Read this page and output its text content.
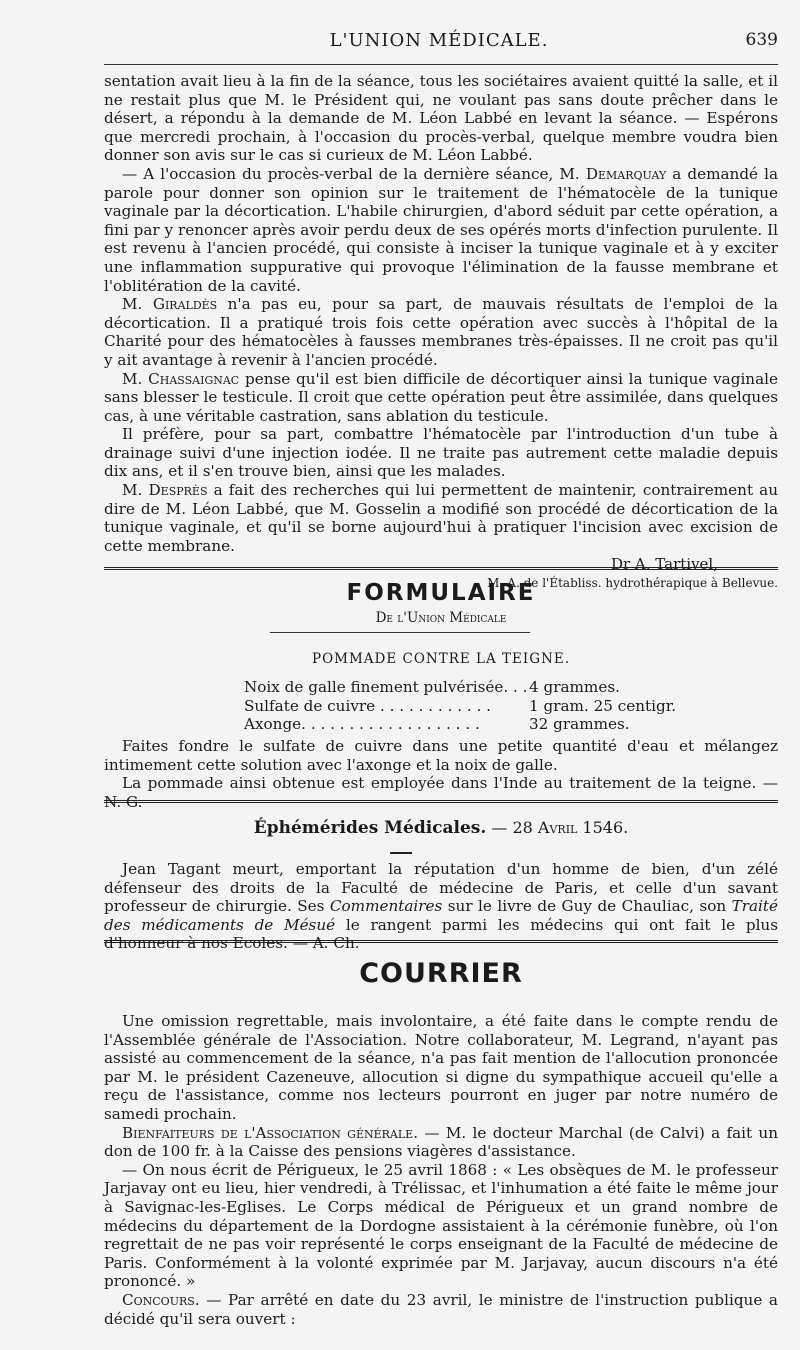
L'UNION MÉDICALE.	639

sentation avait lieu à la fin de la séance, tous les sociétaires avaient quitté la salle, et il ne restait plus que M. le Président qui, ne voulant pas sans doute prêcher dans le désert, a répondu à la demande de M. Léon Labbé en levant la séance. — Espérons que mercredi prochain, à l'occasion du procès-verbal, quelque membre voudra bien donner son avis sur le cas si curieux de M. Léon Labbé.

— A l'occasion du procès-verbal de la dernière séance, M. Demarquay a demandé la parole pour donner son opinion sur le traitement de l'hématocèle de la tunique vaginale par la décortication. L'habile chirurgien, d'abord séduit par cette opération, a fini par y renoncer après avoir perdu deux de ses opérés morts d'infection purulente. Il est revenu à l'ancien procédé, qui consiste à inciser la tunique vaginale et à y exciter une inflammation suppurative qui provoque l'élimination de la fausse membrane et l'oblitération de la cavité.

M. Giraldès n'a pas eu, pour sa part, de mauvais résultats de l'emploi de la décortication. Il a pratiqué trois fois cette opération avec succès à l'hôpital de la Charité pour des hématocèles à fausses membranes très-épaisses. Il ne croit pas qu'il y ait avantage à revenir à l'ancien procédé.

M. Chassaignac pense qu'il est bien difficile de décortiquer ainsi la tunique vaginale sans blesser le testicule. Il croit que cette opération peut être assimilée, dans quelques cas, à une véritable castration, sans ablation du testicule.

Il préfère, pour sa part, combattre l'hématocèle par l'introduction d'un tube à drainage suivi d'une injection iodée. Il ne traite pas autrement cette maladie depuis dix ans, et il s'en trouve bien, ainsi que les malades.

M. Desprès a fait des recherches qui lui permettent de maintenir, contrairement au dire de M. Léon Labbé, que M. Gosselin a modifié son procédé de décortication de la tunique vaginale, et qu'il se borne aujourd'hui à pratiquer l'incision avec excision de cette membrane.

Dr A. Tartivel,

M.-A. de l'Établiss. hydrothérapique à Bellevue.

FORMULAIRE
De l'Union Médicale
POMMADE CONTRE LA TEIGNE.
Noix de galle finement pulvérisée. . . 4 grammes.
Sulfate de cuivre . . . . . . . . . . . .	1 gram. 25 centigr.
Axonge. . . . . . . . . . . . . . . . . . .	32 grammes.

Faites fondre le sulfate de cuivre dans une petite quantité d'eau et mélangez intimement cette solution avec l'axonge et la noix de galle.

La pommade ainsi obtenue est employée dans l'Inde au traitement de la teigne. — N. G.

Éphémérides Médicales. — 28 Avril 1546.

Jean Tagant meurt, emportant la réputation d'un homme de bien, d'un zélé défenseur des droits de la Faculté de médecine de Paris, et celle d'un savant professeur de chirurgie. Ses Commentaires sur le livre de Guy de Chauliac, son Traité des médicaments de Mésué le rangent parmi les médecins qui ont fait le plus d'honneur à nos Ecoles. — A. Ch.

COURRIER

Une omission regrettable, mais involontaire, a été faite dans le compte rendu de l'Assemblée générale de l'Association. Notre collaborateur, M. Legrand, n'ayant pas assisté au commencement de la séance, n'a pas fait mention de l'allocution prononcée par M. le président Cazeneuve, allocution si digne du sympathique accueil qu'elle a reçu de l'assistance, comme nos lecteurs pourront en juger par notre numéro de samedi prochain.

Bienfaiteurs de l'Association générale. — M. le docteur Marchal (de Calvi) a fait un don de 100 fr. à la Caisse des pensions viagères d'assistance.

— On nous écrit de Périgueux, le 25 avril 1868 : « Les obsèques de M. le professeur Jarjavay ont eu lieu, hier vendredi, à Trélissac, et l'inhumation a été faite le même jour à Savignac-les-Eglises. Le Corps médical de Périgueux et un grand nombre de médecins du département de la Dordogne assistaient à la cérémonie funèbre, où l'on regrettait de ne pas voir représenté le corps enseignant de la Faculté de médecine de Paris. Conformément à la volonté exprimée par M. Jarjavay, aucun discours n'a été prononcé. »

Concours. — Par arrêté en date du 23 avril, le ministre de l'instruction publique a décidé qu'il sera ouvert :
